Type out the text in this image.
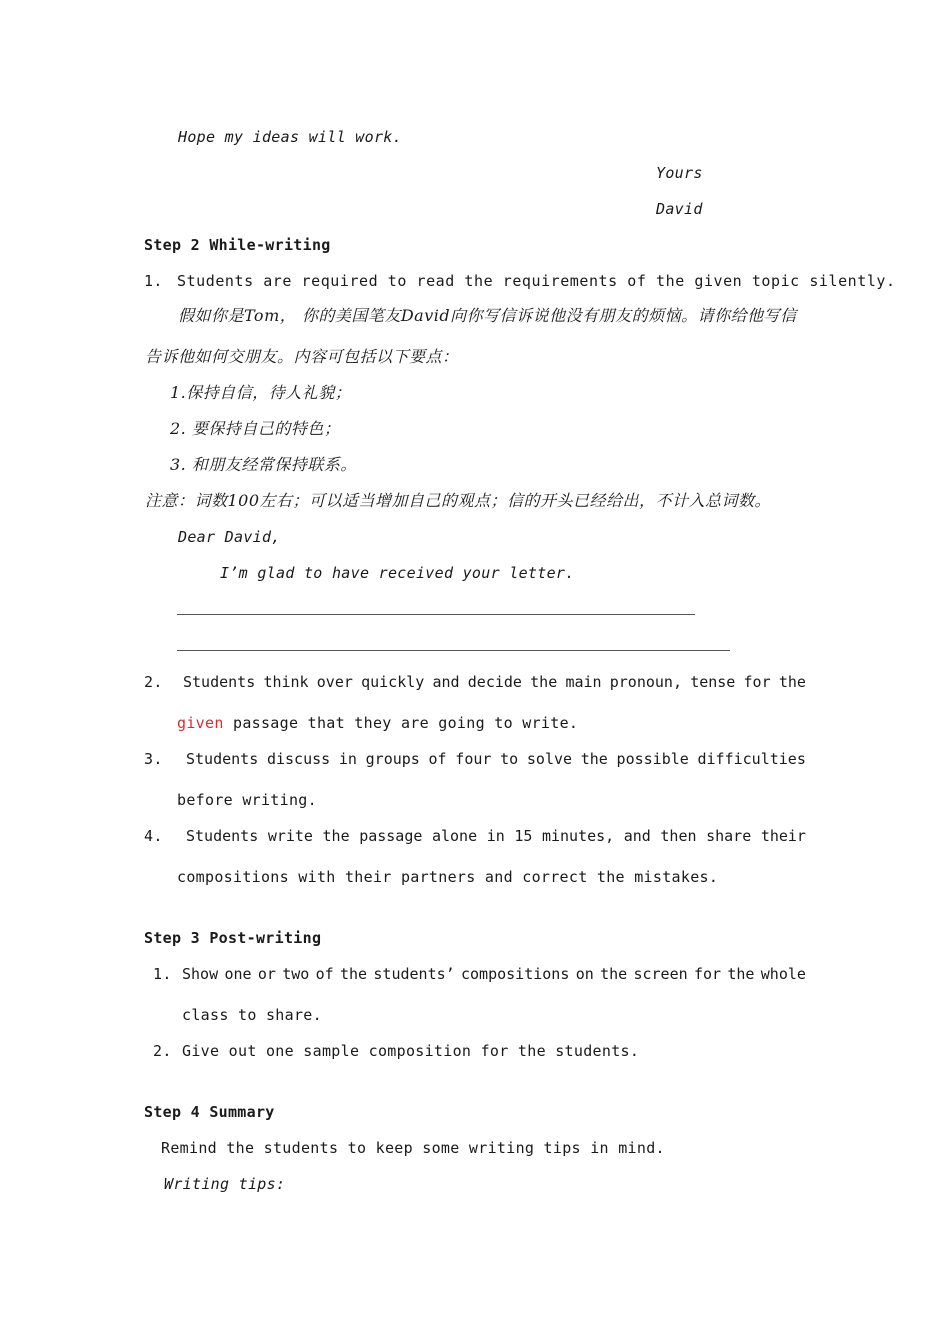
Hope my ideas will work.
Yours
David
Step 2 While-writing
1. Students are required to read the requirements of the given topic silently.
假如你是Tom， 你的美国笔友David向你写信诉说他没有朋友的烦恼。请你给他写信
告诉他如何交朋友。内容可包括以下要点：
1.保持自信，待人礼貌；
2. 要保持自己的特色；
3. 和朋友经常保持联系。
注意：词数100左右；可以适当增加自己的观点；信的开头已经给出，不计入总词数。
Dear David,
I’m glad to have received your letter.
2. Students think over quickly and decide the main pronoun, tense for the
given passage that they are going to write.
3. Students discuss in groups of four to solve the possible difficulties
before writing.
4. Students write the passage alone in 15 minutes, and then share their
compositions with their partners and correct the mistakes.
Step 3 Post-writing
1. Show one or two of the students’ compositions on the screen for the whole
class to share.
2. Give out one sample composition for the students.
Step 4 Summary
Remind the students to keep some writing tips in mind.
Writing tips:
